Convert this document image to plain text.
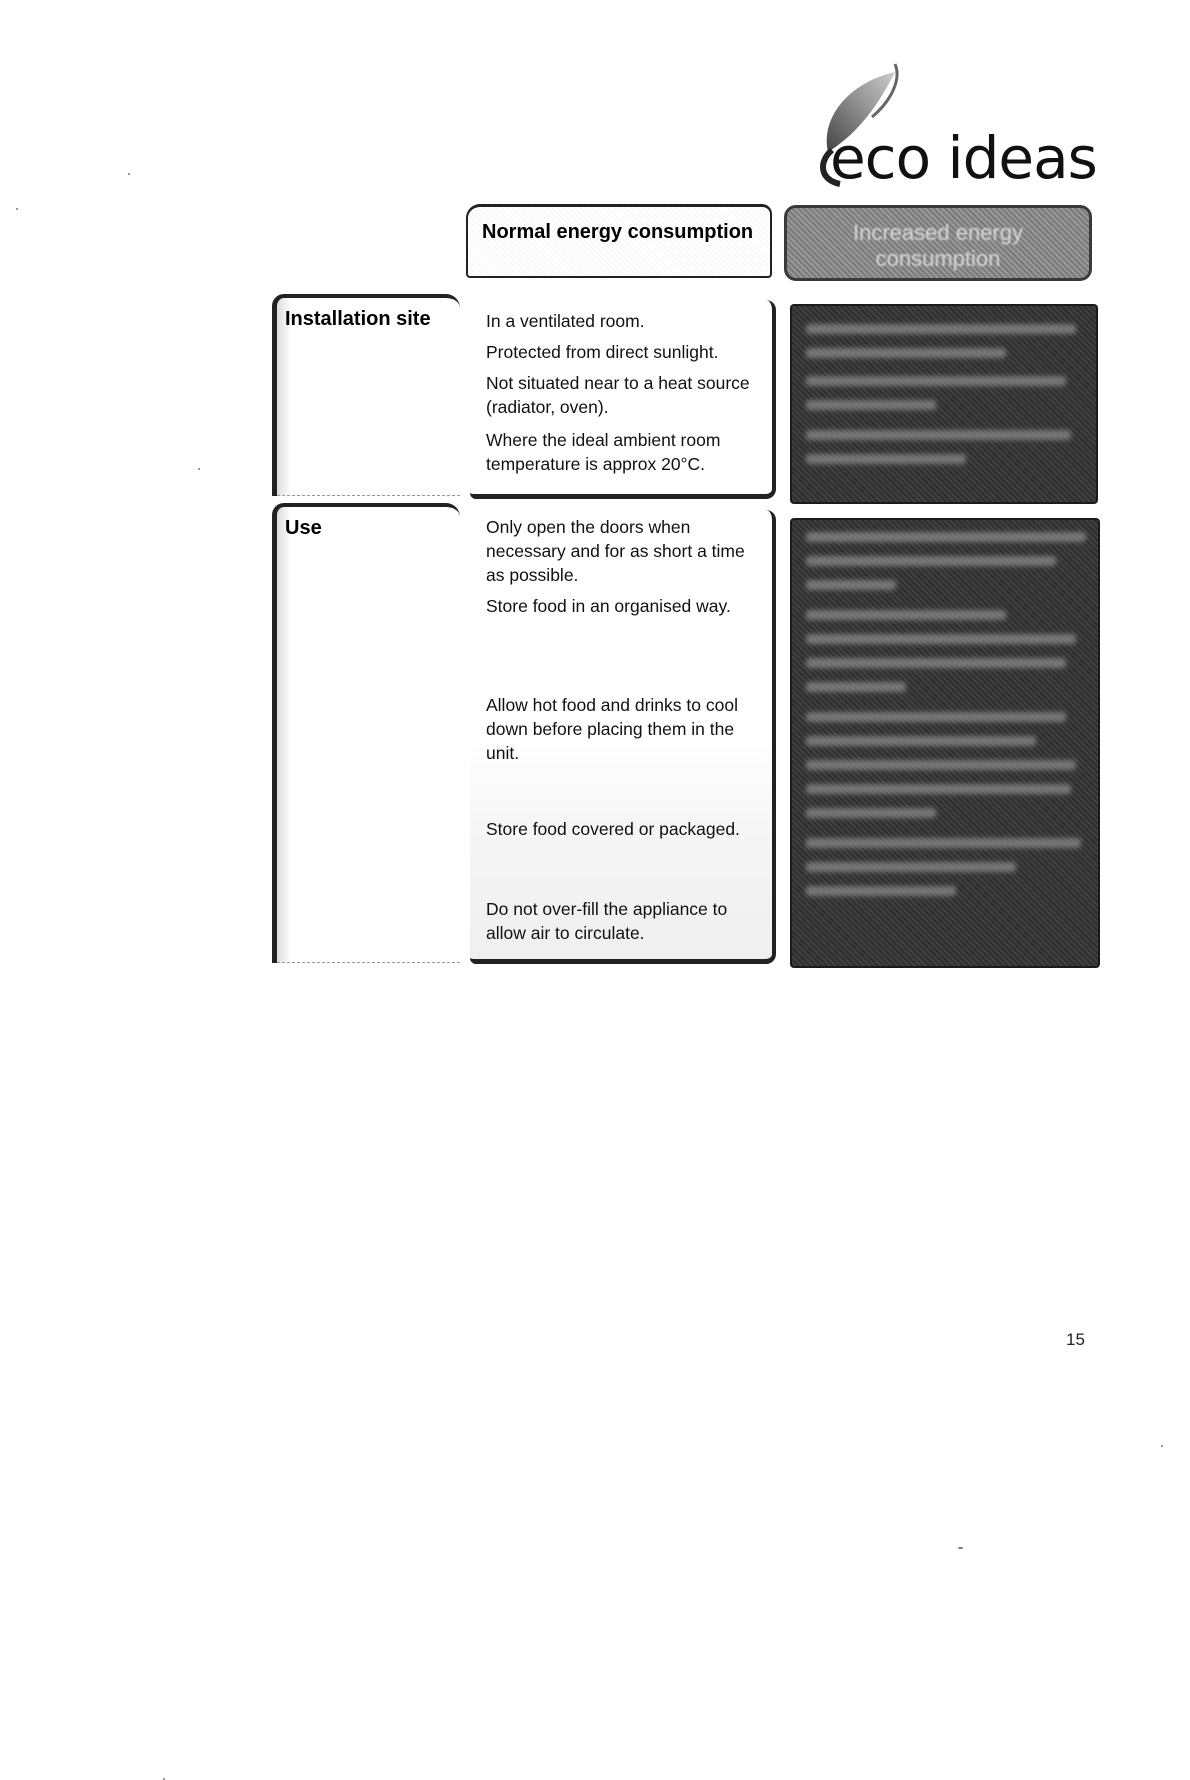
eco ideas
Normal energy consumption	Increased energy consumption
Installation site	In a ventilated room.
Protected from direct sunlight.
Not situated near to a heat source (radiator, oven).
Where the ideal ambient room temperature is approx 20°C.
Use	Only open the doors when necessary and for as short a time as possible.
Store food in an organised way.
Allow hot food and drinks to cool down before placing them in the unit.
Store food covered or packaged.
Do not over-fill the appliance to allow air to circulate.
15
